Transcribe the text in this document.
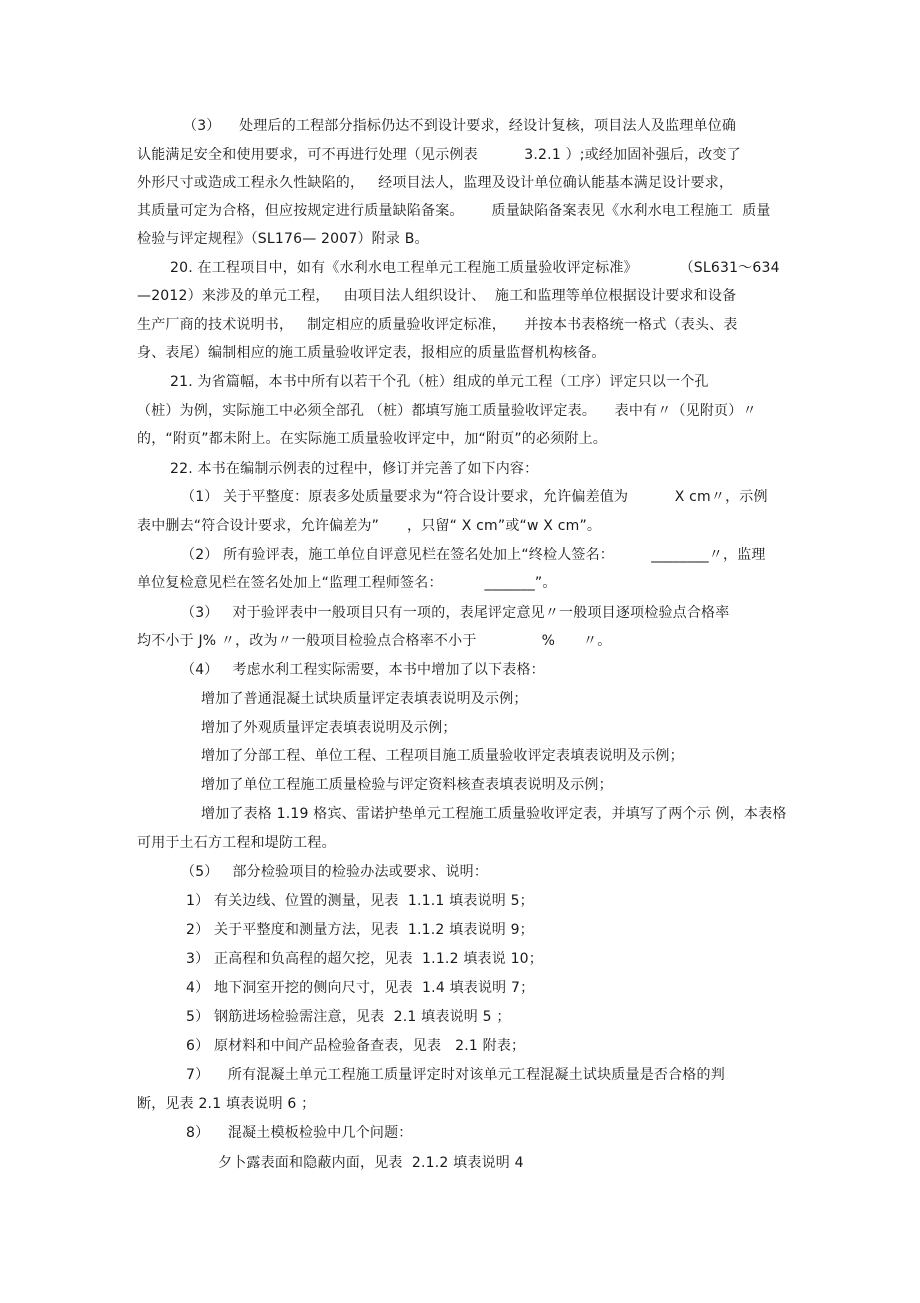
（3）    处理后的工程部分指标仍达不到设计要求，经设计复核，项目法人及监理单位确
认能满足安全和使用要求，可不再进行处理（见示例表          3.2.1 ）;或经加固补强后，改变了
外形尺寸或造成工程永久性缺陷的，   经项目法人，监理及设计单位确认能基本满足设计要求，
其质量可定为合格，但应按规定进行质量缺陷备案。      质量缺陷备案表见《水利水电工程施工  质量
检验与评定规程》（SL176— 2007）附录 B。
20. 在工程项目中，如有《水利水电工程单元工程施工质量验收评定标准》         （SL631～634
—2012）来涉及的单元工程，   由项目法人组织设计、  施工和监理等单位根据设计要求和设备
生产厂商的技术说明书，   制定相应的质量验收评定标准，    并按本书表格统一格式（表头、表
身、表尾）编制相应的施工质量验收评定表，报相应的质量监督机构核备。
21. 为省篇幅，本书中所有以若干个孔（桩）组成的单元工程（工序）评定只以一个孔
（桩）为例，实际施工中必须全部孔 （桩）都填写施工质量验收评定表。    表中有〃（见附页）〃
的，“附页”都未附上。在实际施工质量验收评定中，加“附页”的必须附上。
22. 本书在编制示例表的过程中，修订并完善了如下内容：
（1） 关于平整度：原表多处质量要求为“符合设计要求，允许偏差值为          X cm〃，示例
表中删去“符合设计要求，允许偏差为”      ，只留“ X cm”或“w X cm”。
（2） 所有验评表，施工单位自评意见栏在签名处加上“终检人签名：        ________〃，监理
单位复检意见栏在签名处加上“监理工程师签名：         _______”。
（3）   对于验评表中一般项目只有一项的，表尾评定意见〃一般项目逐项检验点合格率
均不小于 J% 〃，改为〃一般项目检验点合格率不小于              %      〃。
（4）   考虑水利工程实际需要，本书中增加了以下表格：
增加了普通混凝土试块质量评定表填表说明及示例；
增加了外观质量评定表填表说明及示例；
增加了分部工程、单位工程、工程项目施工质量验收评定表填表说明及示例；
增加了单位工程施工质量检验与评定资料核查表填表说明及示例；
增加了表格 1.19 格宾、雷诺护垫单元工程施工质量验收评定表，并填写了两个示 例，本表格
可用于土石方工程和堤防工程。
（5）   部分检验项目的检验办法或要求、说明：
1） 有关边线、位置的测量，见表  1.1.1 填表说明 5；
2） 关于平整度和测量方法，见表  1.1.2 填表说明 9；
3） 正高程和负高程的超欠挖，见表  1.1.2 填表说 10；
4） 地下洞室开挖的侧向尺寸，见表  1.4 填表说明 7；
5） 钢筋进场检验需注意，见表  2.1 填表说明 5 ；
6） 原材料和中间产品检验备查表，见表   2.1 附表；
7）    所有混凝土单元工程施工质量评定时对该单元工程混凝土试块质量是否合格的判
断，见表 2.1 填表说明 6 ；
8）    混凝土模板检验中几个问题：
夕卜露表面和隐蔽内面，见表  2.1.2 填表说明 4
